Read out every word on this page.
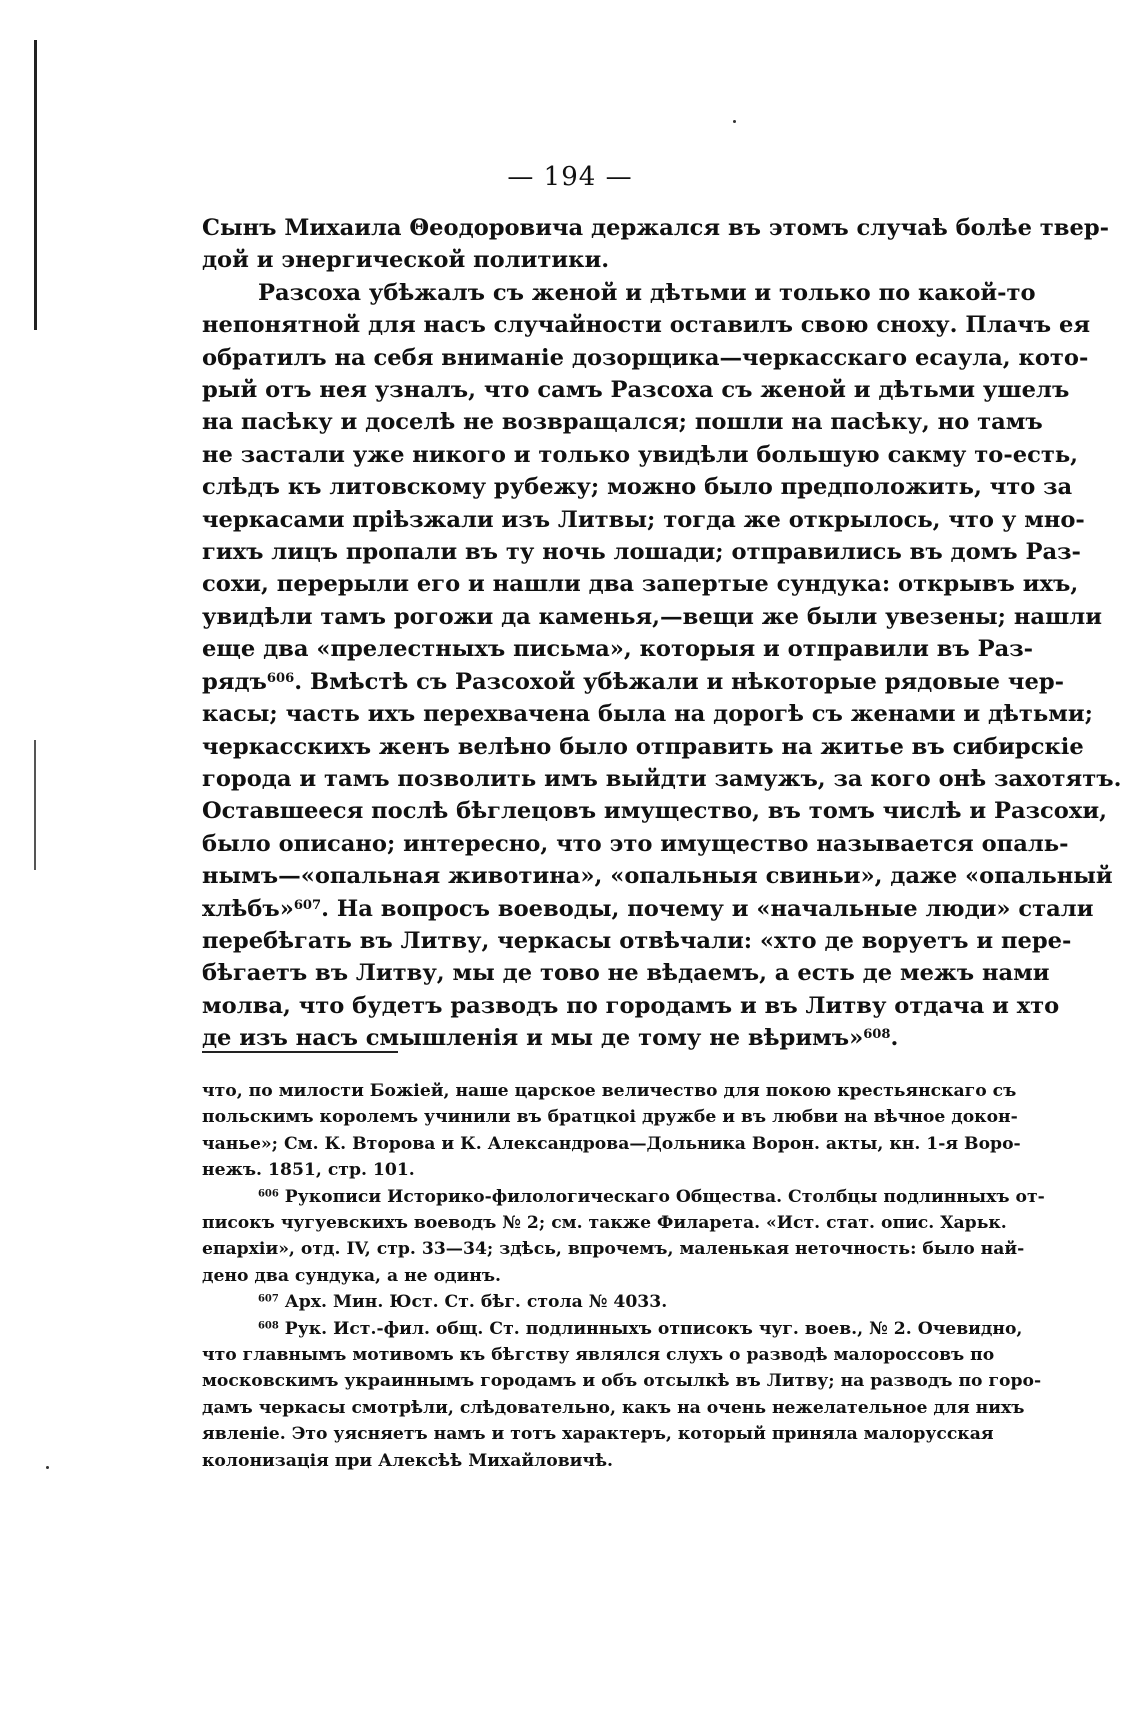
— 194 —
Сынъ Михаила Θеодоровича держался въ этомъ случаѣ болѣе твер-
дой и энергической политики.
Разсоха убѣжалъ съ женой и дѣтьми и только по какой-то
непонятной для насъ случайности оставилъ свою сноху. Плачъ ея
обратилъ на себя вниманіе дозорщика—черкасскаго есаула, кото-
рый отъ нея узналъ, что самъ Разсоха съ женой и дѣтьми ушелъ
на пасѣку и доселѣ не возвращался; пошли на пасѣку, но тамъ
не застали уже никого и только увидѣли большую сакму то-есть,
слѣдъ къ литовскому рубежу; можно было предположить, что за
черкасами пріѣзжали изъ Литвы; тогда же открылось, что у мно-
гихъ лицъ пропали въ ту ночь лошади; отправились въ домъ Раз-
сохи, перерыли его и нашли два запертые сундука: открывъ ихъ,
увидѣли тамъ рогожи да каменья,—вещи же были увезены; нашли
еще два «прелестныхъ письма», которыя и отправили въ Раз-
рядъ$^{606}$. Вмѣстѣ съ Разсохой убѣжали и нѣкоторые рядовые чер-
касы; часть ихъ перехвачена была на дорогѣ съ женами и дѣтьми;
черкасскихъ женъ велѣно было отправить на житье въ сибирскіе
города и тамъ позволить имъ выйдти замужъ, за кого онѣ захотятъ.
Оставшееся послѣ бѣглецовъ имущество, въ томъ числѣ и Разсохи,
было описано; интересно, что это имущество называется опаль-
нымъ—«опальная животина», «опальныя свиньи», даже «опальный
хлѣбъ»$^{607}$. На вопросъ воеводы, почему и «начальные люди» стали
перебѣгать въ Литву, черкасы отвѣчали: «хто де воруетъ и пере-
бѣгаетъ въ Литву, мы де тово не вѣдаемъ, а есть де межъ нами
молва, что будетъ разводъ по городамъ и въ Литву отдача и хто
де изъ насъ смышленія и мы де тому не вѣримъ»$^{608}$.
что, по милости Божіей, наше царское величество для покою крестьянскаго съ
польскимъ королемъ учинили въ братцкоі дружбе и въ любви на вѣчное докон-
чанье»; См. К. Второва и К. Александрова—Дольника Ворон. акты, кн. 1-я Воро-
нежъ. 1851, стр. 101.
$^{606}$ Рукописи Историко-филологическаго Общества. Столбцы подлинныхъ от-
писокъ чугуевскихъ воеводъ № 2; см. также Филарета. «Ист. стат. опис. Харьк.
епархіи», отд. IV, стр. 33—34; здѣсь, впрочемъ, маленькая неточность: было най-
дено два сундука, а не одинъ.
$^{607}$ Арх. Мин. Юст. Ст. бѣг. стола № 4033.
$^{608}$ Рук. Ист.-фил. общ. Ст. подлинныхъ отписокъ чуг. воев., № 2. Очевидно,
что главнымъ мотивомъ къ бѣгству являлся слухъ о разводѣ малороссовъ по
московскимъ украиннымъ городамъ и объ отсылкѣ въ Литву; на разводъ по горо-
дамъ черкасы смотрѣли, слѣдовательно, какъ на очень нежелательное для нихъ
явленіе. Это уясняетъ намъ и тотъ характеръ, который приняла малорусская
колонизація при Алексѣѣ Михайловичѣ.
